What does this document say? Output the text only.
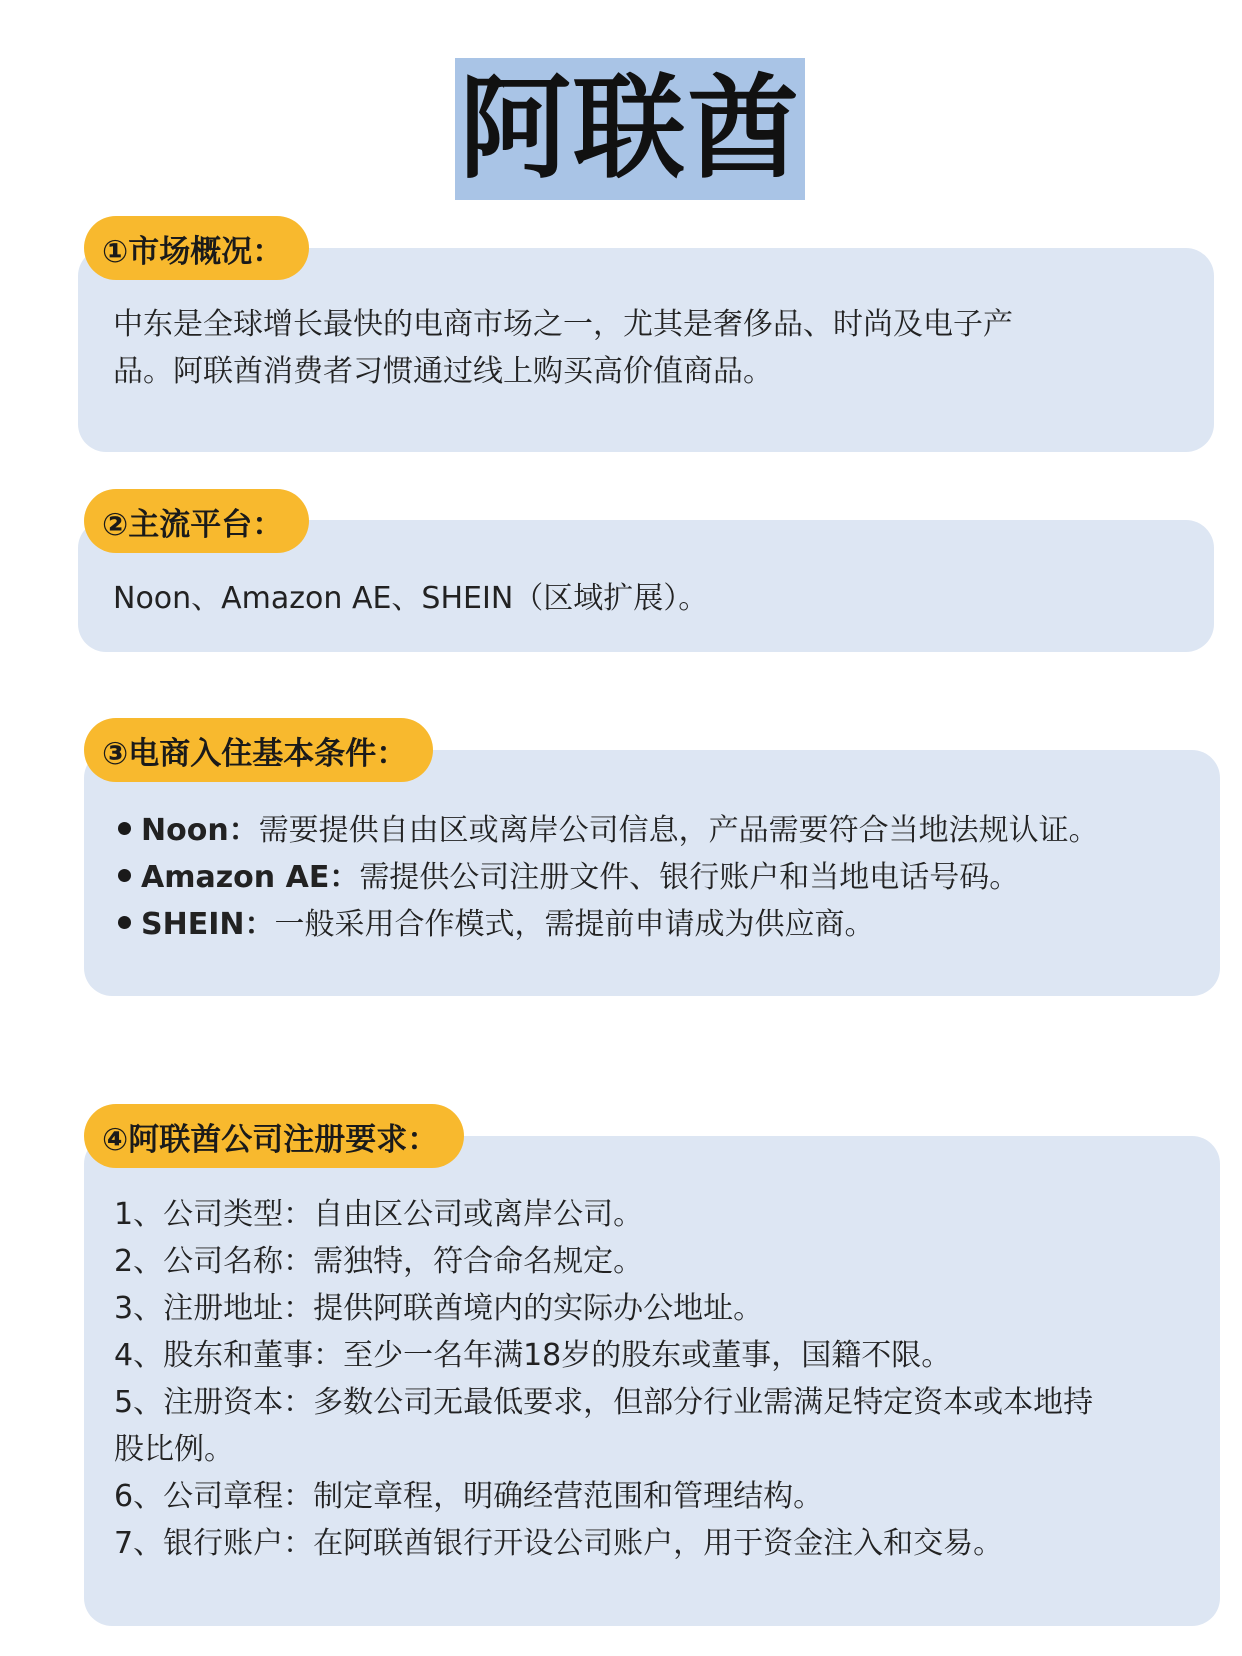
阿联酋
①市场概况：
中东是全球增长最快的电商市场之一，尤其是奢侈品、时尚及电子产
品。阿联酋消费者习惯通过线上购买高价值商品。
②主流平台：
Noon、Amazon AE、SHEIN（区域扩展）。
③电商入住基本条件：
Noon：需要提供自由区或离岸公司信息，产品需要符合当地法规认证。
Amazon AE：需提供公司注册文件、银行账户和当地电话号码。
SHEIN：一般采用合作模式，需提前申请成为供应商。
④阿联酋公司注册要求：
1、公司类型：自由区公司或离岸公司。
2、公司名称：需独特，符合命名规定。
3、注册地址：提供阿联酋境内的实际办公地址。
4、股东和董事：至少一名年满18岁的股东或董事，国籍不限。
5、注册资本：多数公司无最低要求，但部分行业需满足特定资本或本地持
股比例。
6、公司章程：制定章程，明确经营范围和管理结构。
7、银行账户：在阿联酋银行开设公司账户，用于资金注入和交易。
